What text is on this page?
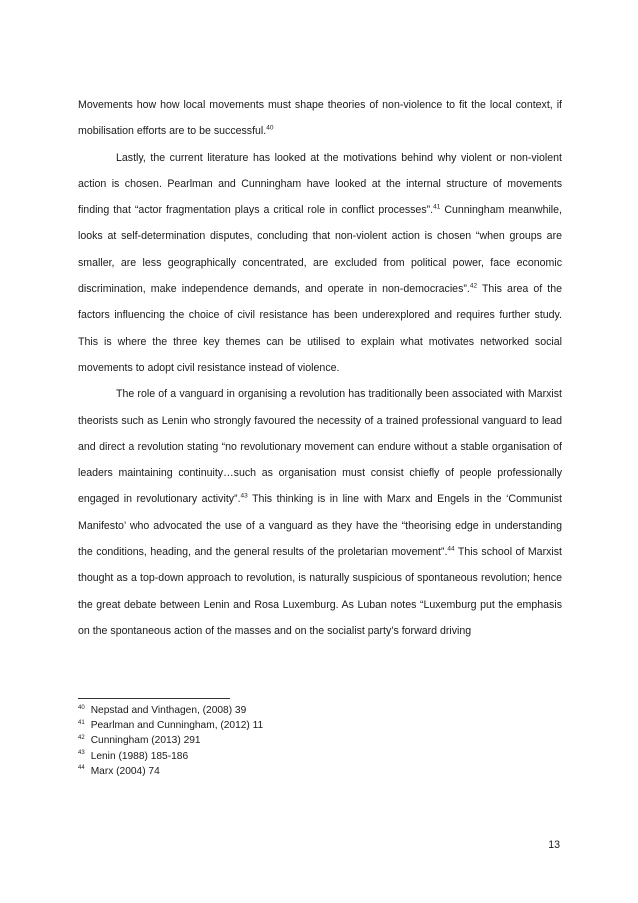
Movements how how local movements must shape theories of non-violence to fit the local context, if mobilisation efforts are to be successful.$^{40}$

Lastly, the current literature has looked at the motivations behind why violent or non-violent action is chosen. Pearlman and Cunningham have looked at the internal structure of movements finding that “actor fragmentation plays a critical role in conflict processes”.$^{41}$ Cunningham meanwhile, looks at self-determination disputes, concluding that non-violent action is chosen “when groups are smaller, are less geographically concentrated, are excluded from political power, face economic discrimination, make independence demands, and operate in non-democracies”.$^{42}$ This area of the factors influencing the choice of civil resistance has been underexplored and requires further study. This is where the three key themes can be utilised to explain what motivates networked social movements to adopt civil resistance instead of violence.

The role of a vanguard in organising a revolution has traditionally been associated with Marxist theorists such as Lenin who strongly favoured the necessity of a trained professional vanguard to lead and direct a revolution stating “no revolutionary movement can endure without a stable organisation of leaders maintaining continuity…such as organisation must consist chiefly of people professionally engaged in revolutionary activity”.$^{43}$ This thinking is in line with Marx and Engels in the ‘Communist Manifesto’ who advocated the use of a vanguard as they have the “theorising edge in understanding the conditions, heading, and the general results of the proletarian movement”.$^{44}$ This school of Marxist thought as a top-down approach to revolution, is naturally suspicious of spontaneous revolution; hence the great debate between Lenin and Rosa Luxemburg. As Luban notes “Luxemburg put the emphasis on the spontaneous action of the masses and on the socialist party’s forward driving

$^{40}$ Nepstad and Vinthagen, (2008) 39
$^{41}$ Pearlman and Cunningham, (2012) 11
$^{42}$ Cunningham (2013) 291
$^{43}$ Lenin (1988) 185-186
$^{44}$ Marx (2004) 74
13
